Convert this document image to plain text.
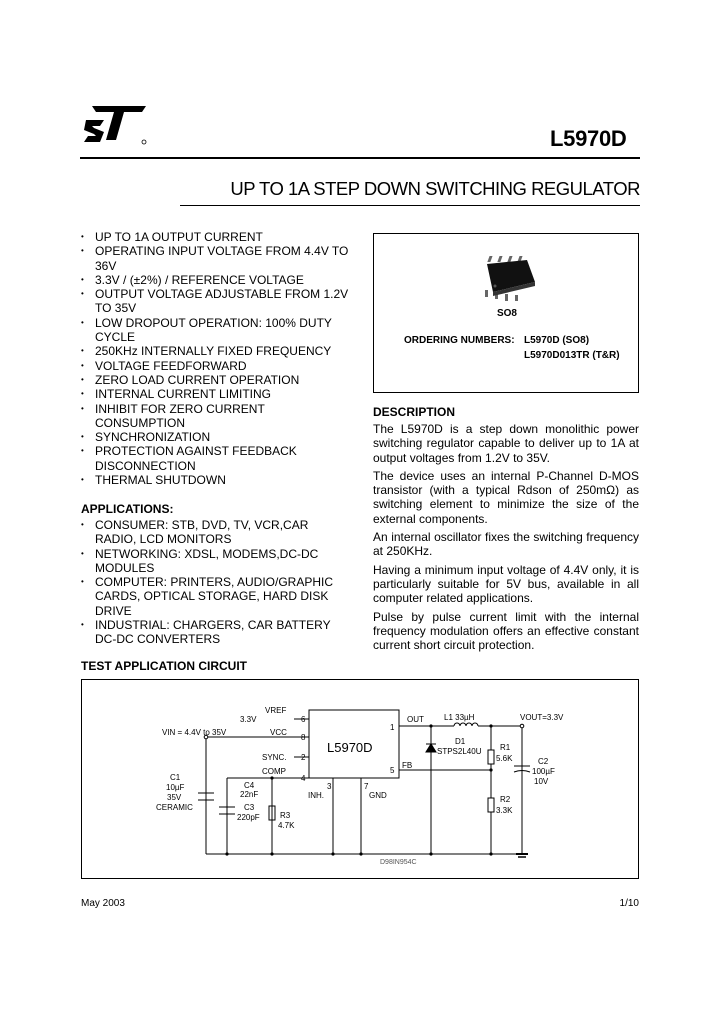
L5970D
UP TO 1A STEP DOWN SWITCHING REGULATOR
• UP TO 1A OUTPUT CURRENT
• OPERATING INPUT VOLTAGE FROM 4.4V TO 36V
• 3.3V / (±2%) / REFERENCE VOLTAGE
• OUTPUT VOLTAGE ADJUSTABLE FROM 1.2V TO 35V
• LOW DROPOUT OPERATION: 100% DUTY CYCLE
• 250KHz INTERNALLY FIXED FREQUENCY
• VOLTAGE FEEDFORWARD
• ZERO LOAD CURRENT OPERATION
• INTERNAL CURRENT LIMITING
• INHIBIT FOR ZERO CURRENT CONSUMPTION
• SYNCHRONIZATION
• PROTECTION AGAINST FEEDBACK DISCONNECTION
• THERMAL SHUTDOWN
APPLICATIONS:
• CONSUMER: STB, DVD, TV, VCR,CAR RADIO, LCD MONITORS
• NETWORKING: XDSL, MODEMS,DC-DC MODULES
• COMPUTER: PRINTERS, AUDIO/GRAPHIC CARDS, OPTICAL STORAGE, HARD DISK DRIVE
• INDUSTRIAL: CHARGERS, CAR BATTERY DC-DC CONVERTERS
SO8
ORDERING NUMBERS: L5970D (SO8)
L5970D013TR (T&R)
DESCRIPTION

The L5970D is a step down monolithic power switching regulator capable to deliver up to 1A at output voltages from 1.2V to 35V.

The device uses an internal P-Channel D-MOS transistor (with a typical Rdson of 250mΩ) as switching element to minimize the size of the external components.

An internal oscillator fixes the switching frequency at 250KHz.

Having a minimum input voltage of 4.4V only, it is particularly suitable for 5V bus, available in all computer related applications.

Pulse by pulse current limit with the internal frequency modulation offers an effective constant current short circuit protection.

TEST APPLICATION CIRCUIT
L5970D
VREF
3.3V
VIN = 4.4V to 35V	VCC
SYNC.
COMP
INH.	GND
OUT
FB
6
8
2
4
3	7
1
5
C1
10µF
35V
CERAMIC
C4
22nF
C3
220pF	R3
4.7K
L1 33µH
D1
STPS2L40U R1
5.6K
R2
3.3K
C2
100µF
10V
VOUT=3.3V
D98IN954C
May 2003	1/10
